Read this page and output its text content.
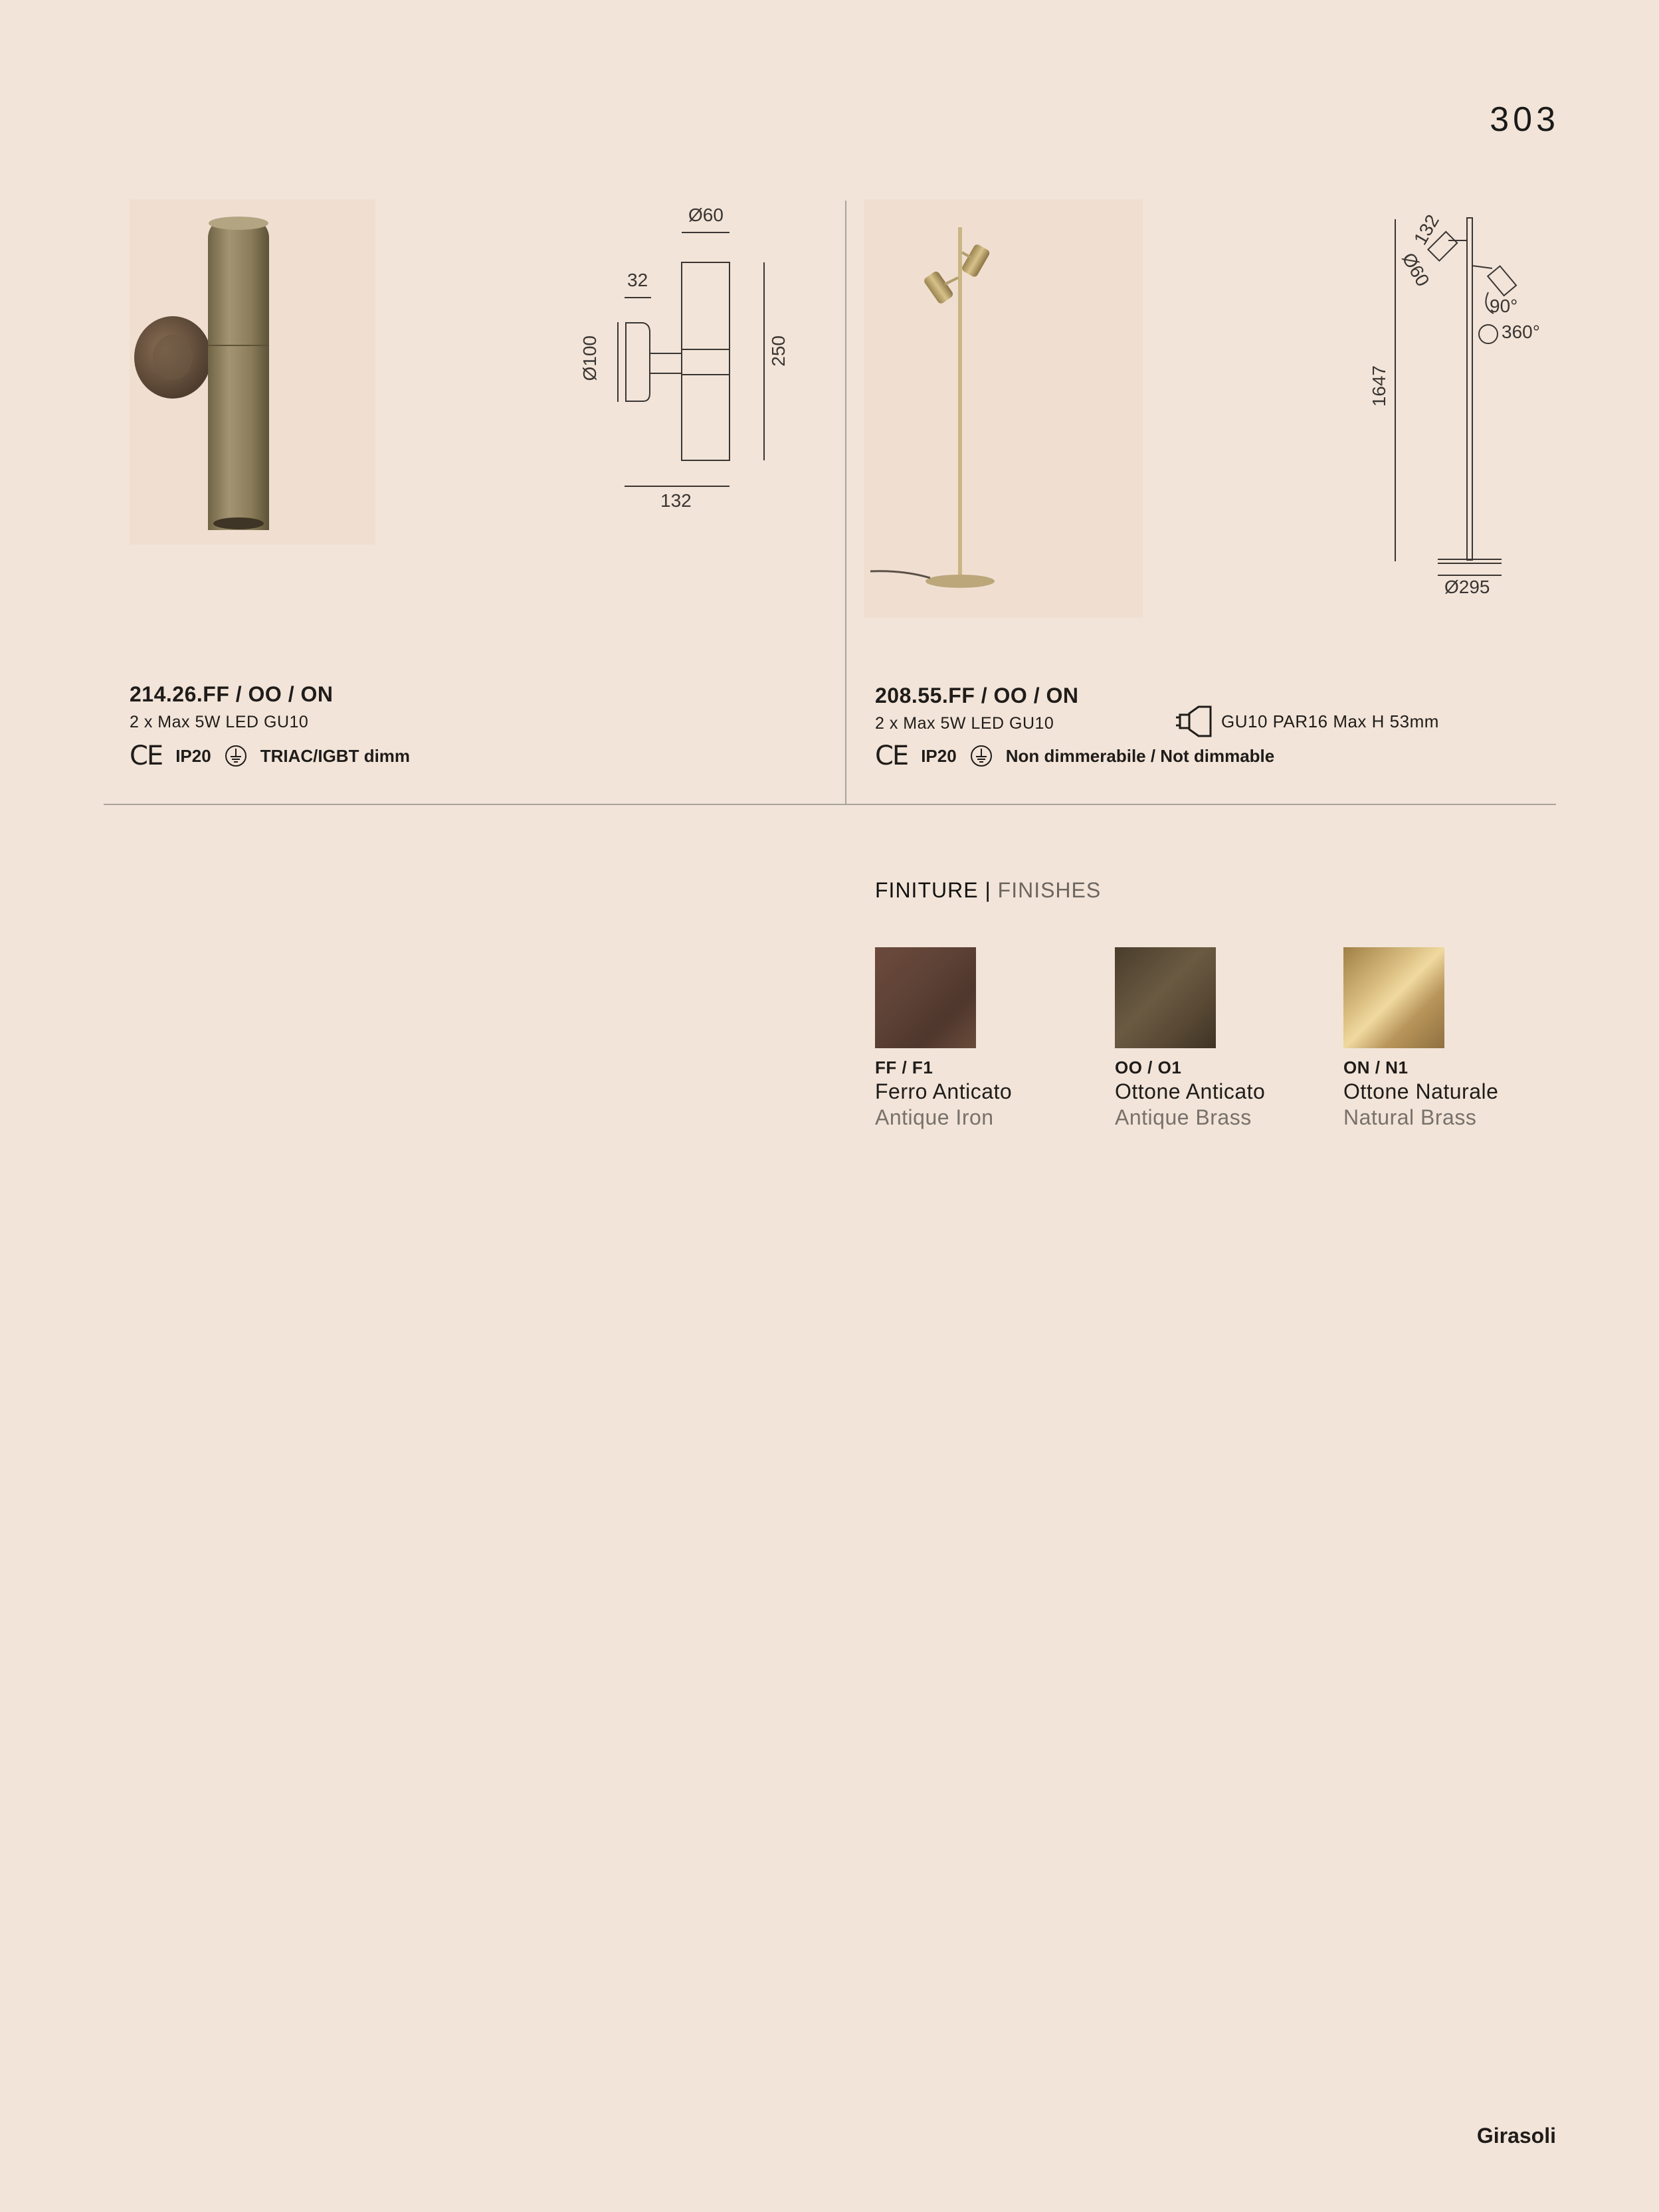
303
Ø60
32
Ø100	250
132
214.26.FF / OO / ON
2 x Max 5W LED GU10
CE IP20	TRIAC/IGBT dimm
132
Ø60
90°
360°
1647
Ø295
208.55.FF / OO / ON
2 x Max 5W LED GU10	GU10 PAR16 Max H 53mm
CE IP20	Non dimmerabile / Not dimmable
FINITURE | FINISHES
FF / F1
Ferro Anticato
Antique Iron
OO / O1
Ottone Anticato
Antique Brass
ON / N1
Ottone Naturale
Natural Brass
Girasoli
